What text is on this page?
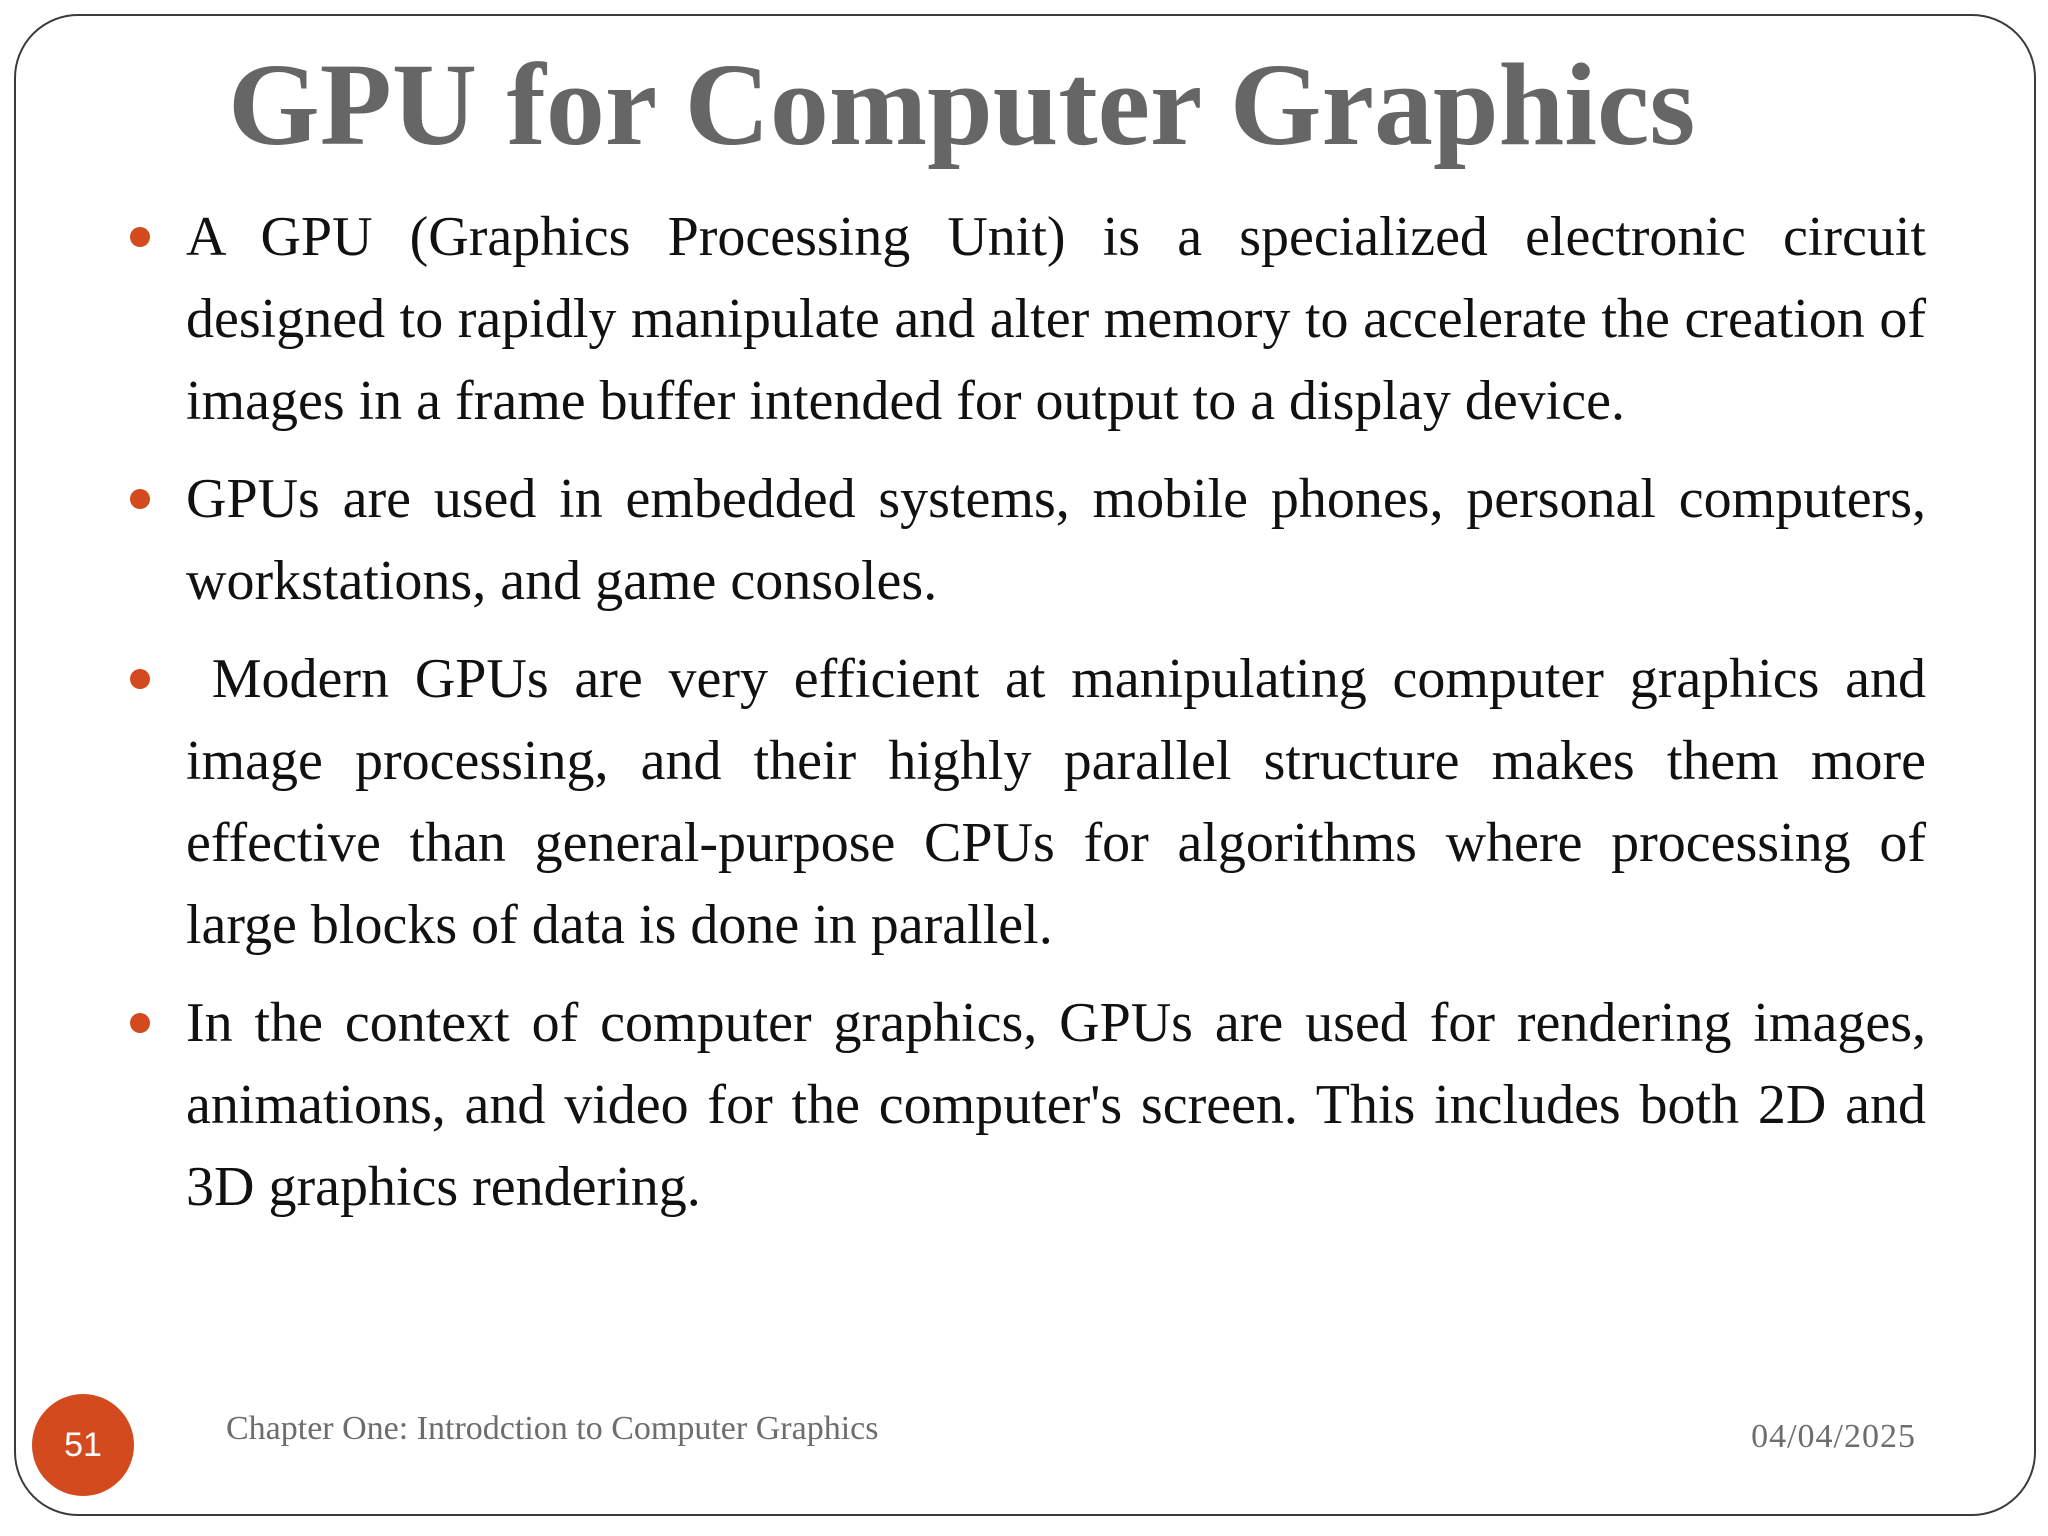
GPU for Computer Graphics
A GPU (Graphics Processing Unit) is a specialized electronic circuit designed to rapidly manipulate and alter memory to accelerate the creation of images in a frame buffer intended for output to a display device.
GPUs are used in embedded systems, mobile phones, personal computers, workstations, and game consoles.
Modern GPUs are very efficient at manipulating computer graphics and image processing, and their highly parallel structure makes them more effective than general-purpose CPUs for algorithms where processing of large blocks of data is done in parallel.
In the context of computer graphics, GPUs are used for rendering images, animations, and video for the computer's screen. This includes both 2D and 3D graphics rendering.
51	Chapter One: Introdction to Computer Graphics	04/04/2025
